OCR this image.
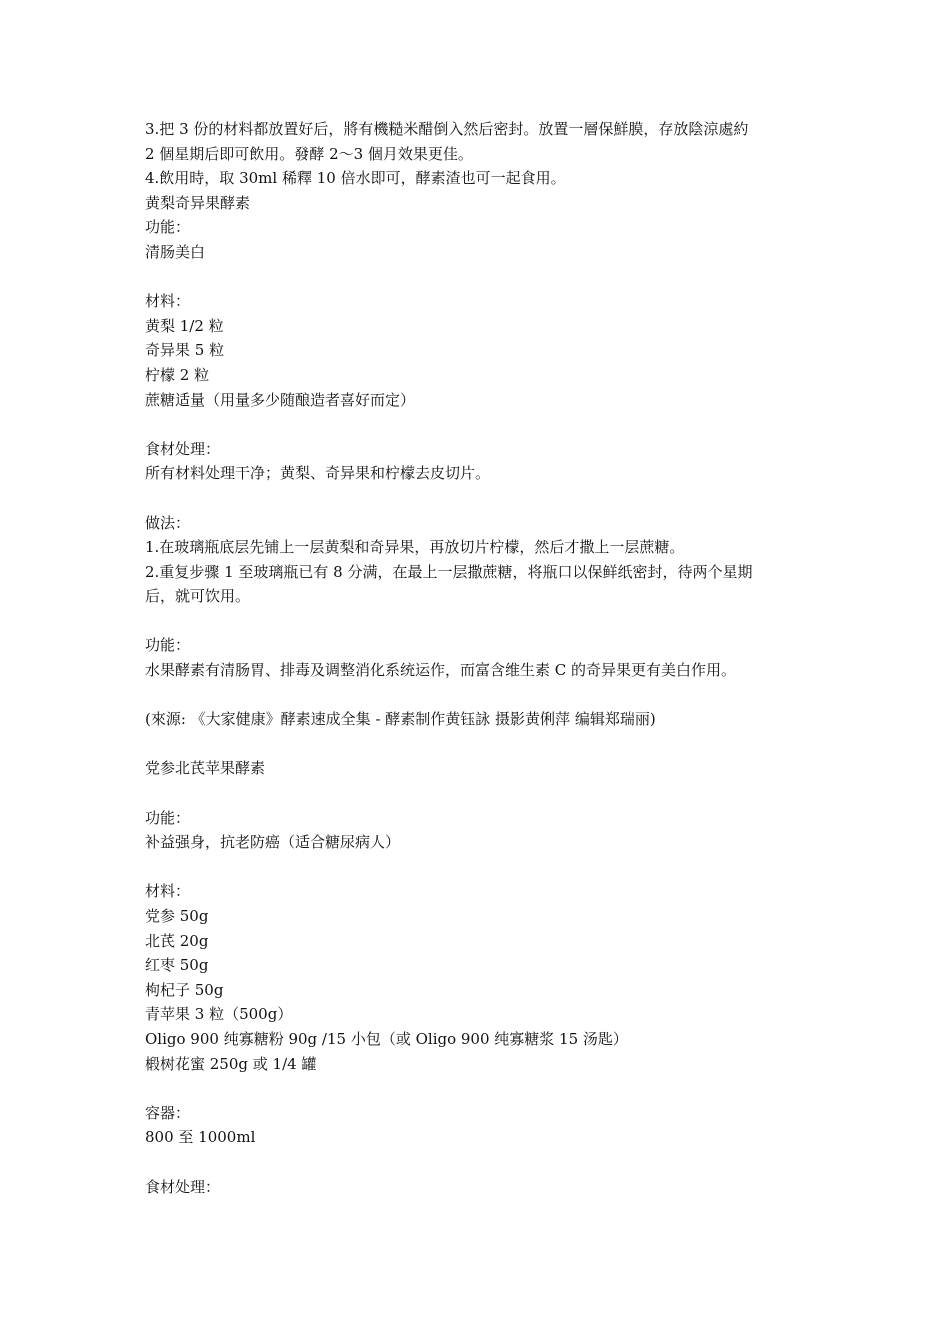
3.把 3 份的材料都放置好后，將有機糙米醋倒入然后密封。放置一層保鮮膜，存放陰涼處約
2 個星期后即可飲用。發酵 2～3 個月效果更佳。
4.飲用時，取 30ml 稀釋 10 倍水即可，酵素渣也可一起食用。
黄梨奇异果酵素
功能：
清肠美白
材料：
黄梨 1/2 粒
奇异果 5 粒
柠檬 2 粒
蔗糖适量（用量多少随酿造者喜好而定）
食材处理：
所有材料处理干净；黄梨、奇异果和柠檬去皮切片。
做法：
1.在玻璃瓶底层先铺上一层黄梨和奇异果，再放切片柠檬，然后才撒上一层蔗糖。
2.重复步骤 1 至玻璃瓶已有 8 分满，在最上一层撒蔗糖，将瓶口以保鲜纸密封，待两个星期
后，就可饮用。
功能：
水果酵素有清肠胃、排毒及调整消化系统运作，而富含维生素 C 的奇异果更有美白作用。
(來源: 《大家健康》酵素速成全集 - 酵素制作黄钰詠 摄影黄俐萍 编辑郑瑞丽)
党参北芪苹果酵素
功能：
补益强身，抗老防癌（适合糖尿病人）
材料：
党参 50g
北芪 20g
红枣 50g
枸杞子 50g
青苹果 3 粒（500g）
Oligo 900 纯寡糖粉 90g /15 小包（或 Oligo 900 纯寡糖浆 15 汤匙）
椴树花蜜 250g 或 1/4 罐
容器：
800 至 1000ml
食材处理：
